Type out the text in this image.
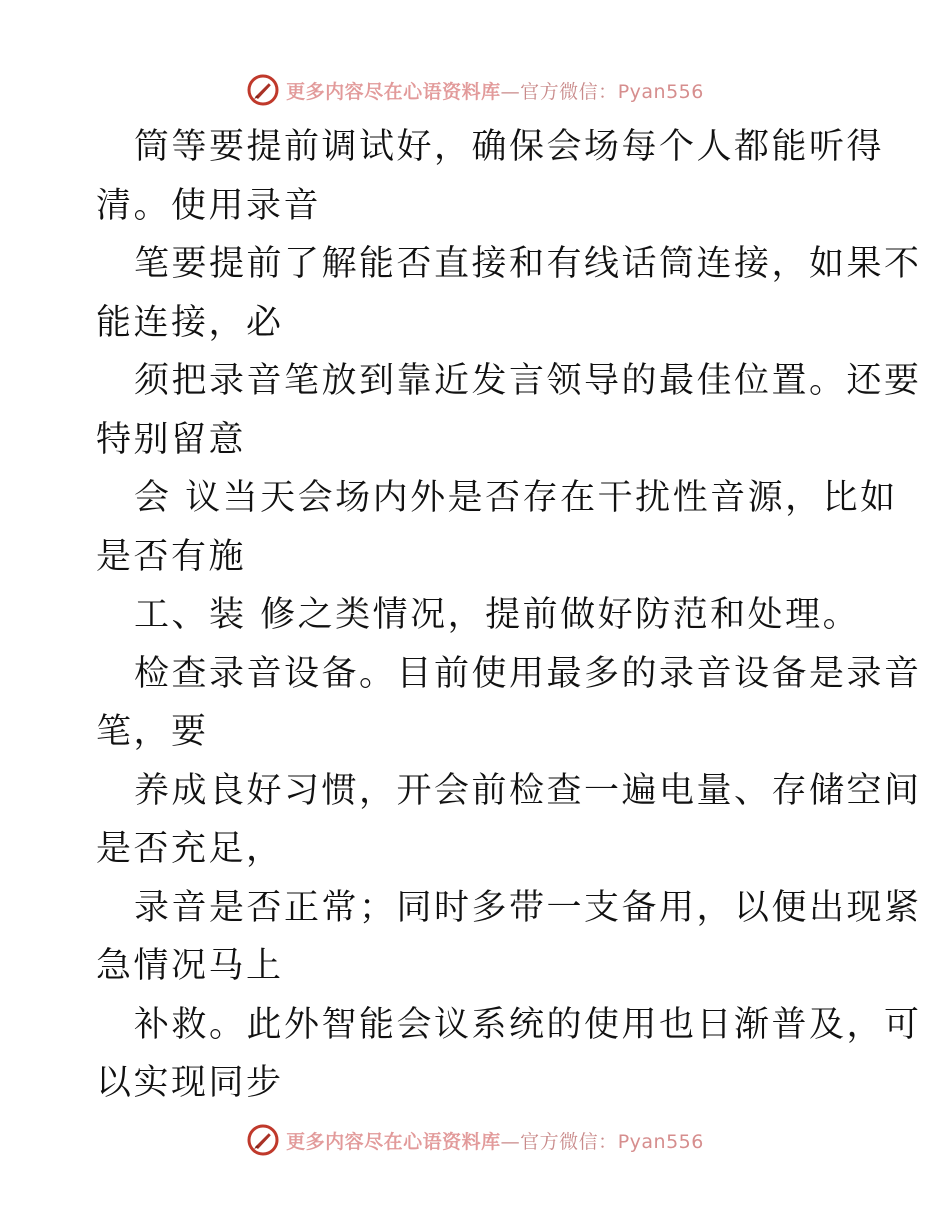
更多内容尽在心语资料库—官方微信：Pyan556
筒等要提前调试好，确保会场每个人都能听得
清。使用录音
笔要提前了解能否直接和有线话筒连接，如果不
能连接，必
须把录音笔放到靠近发言领导的最佳位置。还要
特别留意
会 议当天会场内外是否存在干扰性音源，比如
是否有施
工、装 修之类情况，提前做好防范和处理。
检查录音设备。目前使用最多的录音设备是录音
笔，要
养成良好习惯，开会前检查一遍电量、存储空间
是否充足，
录音是否正常；同时多带一支备用，以便出现紧
急情况马上
补救。此外智能会议系统的使用也日渐普及，可
以实现同步
更多内容尽在心语资料库—官方微信：Pyan556
